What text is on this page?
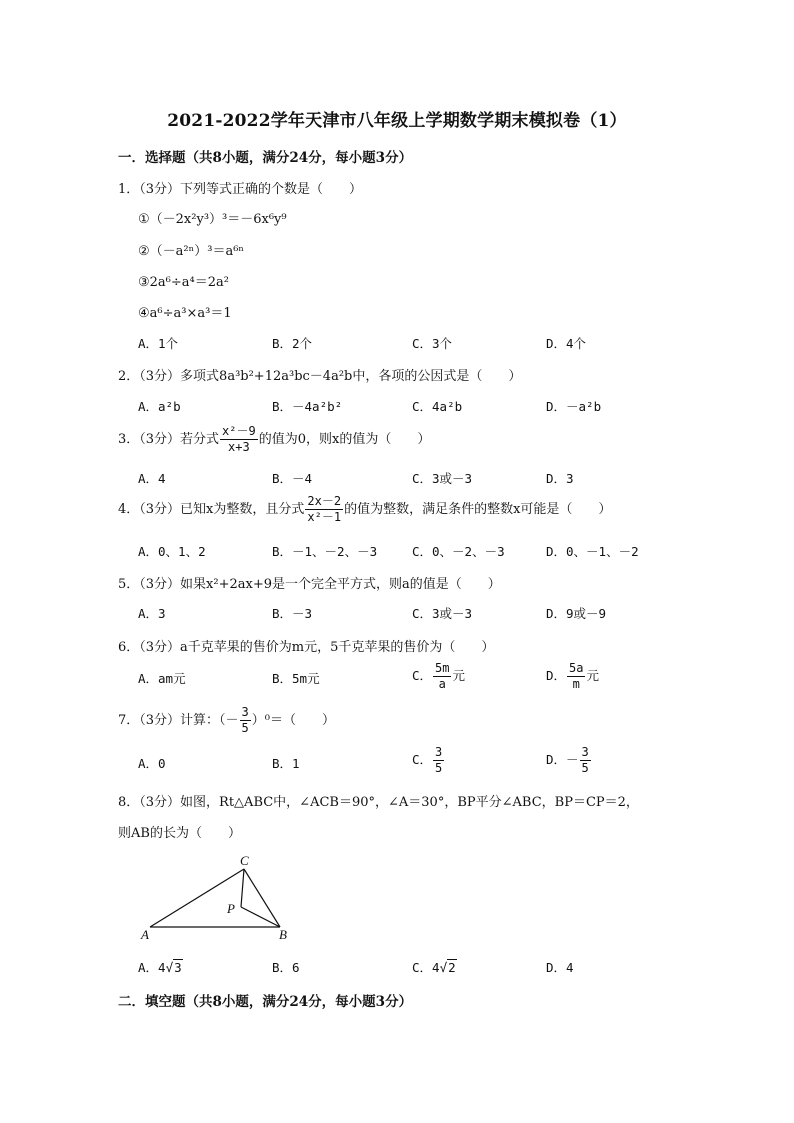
2021-2022学年天津市八年级上学期数学期末模拟卷（1）
一．选择题（共8小题，满分24分，每小题3分）
1．（3分）下列等式正确的个数是（　　）
①（－2x²y³）³＝－6x⁶y⁹
②（－a²ⁿ）³＝a⁶ⁿ
③2a⁶÷a⁴＝2a²
④a⁶÷a³×a³＝1
A．1个	B．2个	C．3个	D．4个
2．（3分）多项式8a³b²+12a³bc－4a²b中，各项的公因式是（　　）
A．a²b	B．－4a²b²	C．4a²b	D．－a²b
3．（3分）若分式 $\frac{\text{x²－9}}{x+3}$ 的值为0，则x的值为（　　）
A．4	B．－4	C．3或－3	D．3
4．（3分）已知x为整数，且分式 $\frac{2x-2}{\text{x²－1}}$ 的值为整数，满足条件的整数x可能是（　　）
A．0、1、2	B．－1、－2、－3	C．0、－2、－3	D．0、－1、－2
5．（3分）如果x²+2ax+9是一个完全平方式，则a的值是（　　）
A．3	B．－3	C．3或－3	D．9或－9
6．（3分）a千克苹果的售价为m元，5千克苹果的售价为（　　）
A．am元	B．5m元	C． $\frac{5m}{a}$ 元	D． $\frac{5a}{m}$ 元
7．（3分）计算：（－ $\frac{3}{5} )^0=$（　　）
A．0	B．1	C． $\frac{3}{5}$	D．－ $\frac{3}{5}$
8．（3分）如图，Rt△ABC中，∠ACB＝90°，∠A＝30°，BP平分∠ABC，BP＝CP＝2，
则AB的长为（　　）
C
P
A	B
A．4√3	B．6	C．4√2	D．4
二．填空题（共8小题，满分24分，每小题3分）
